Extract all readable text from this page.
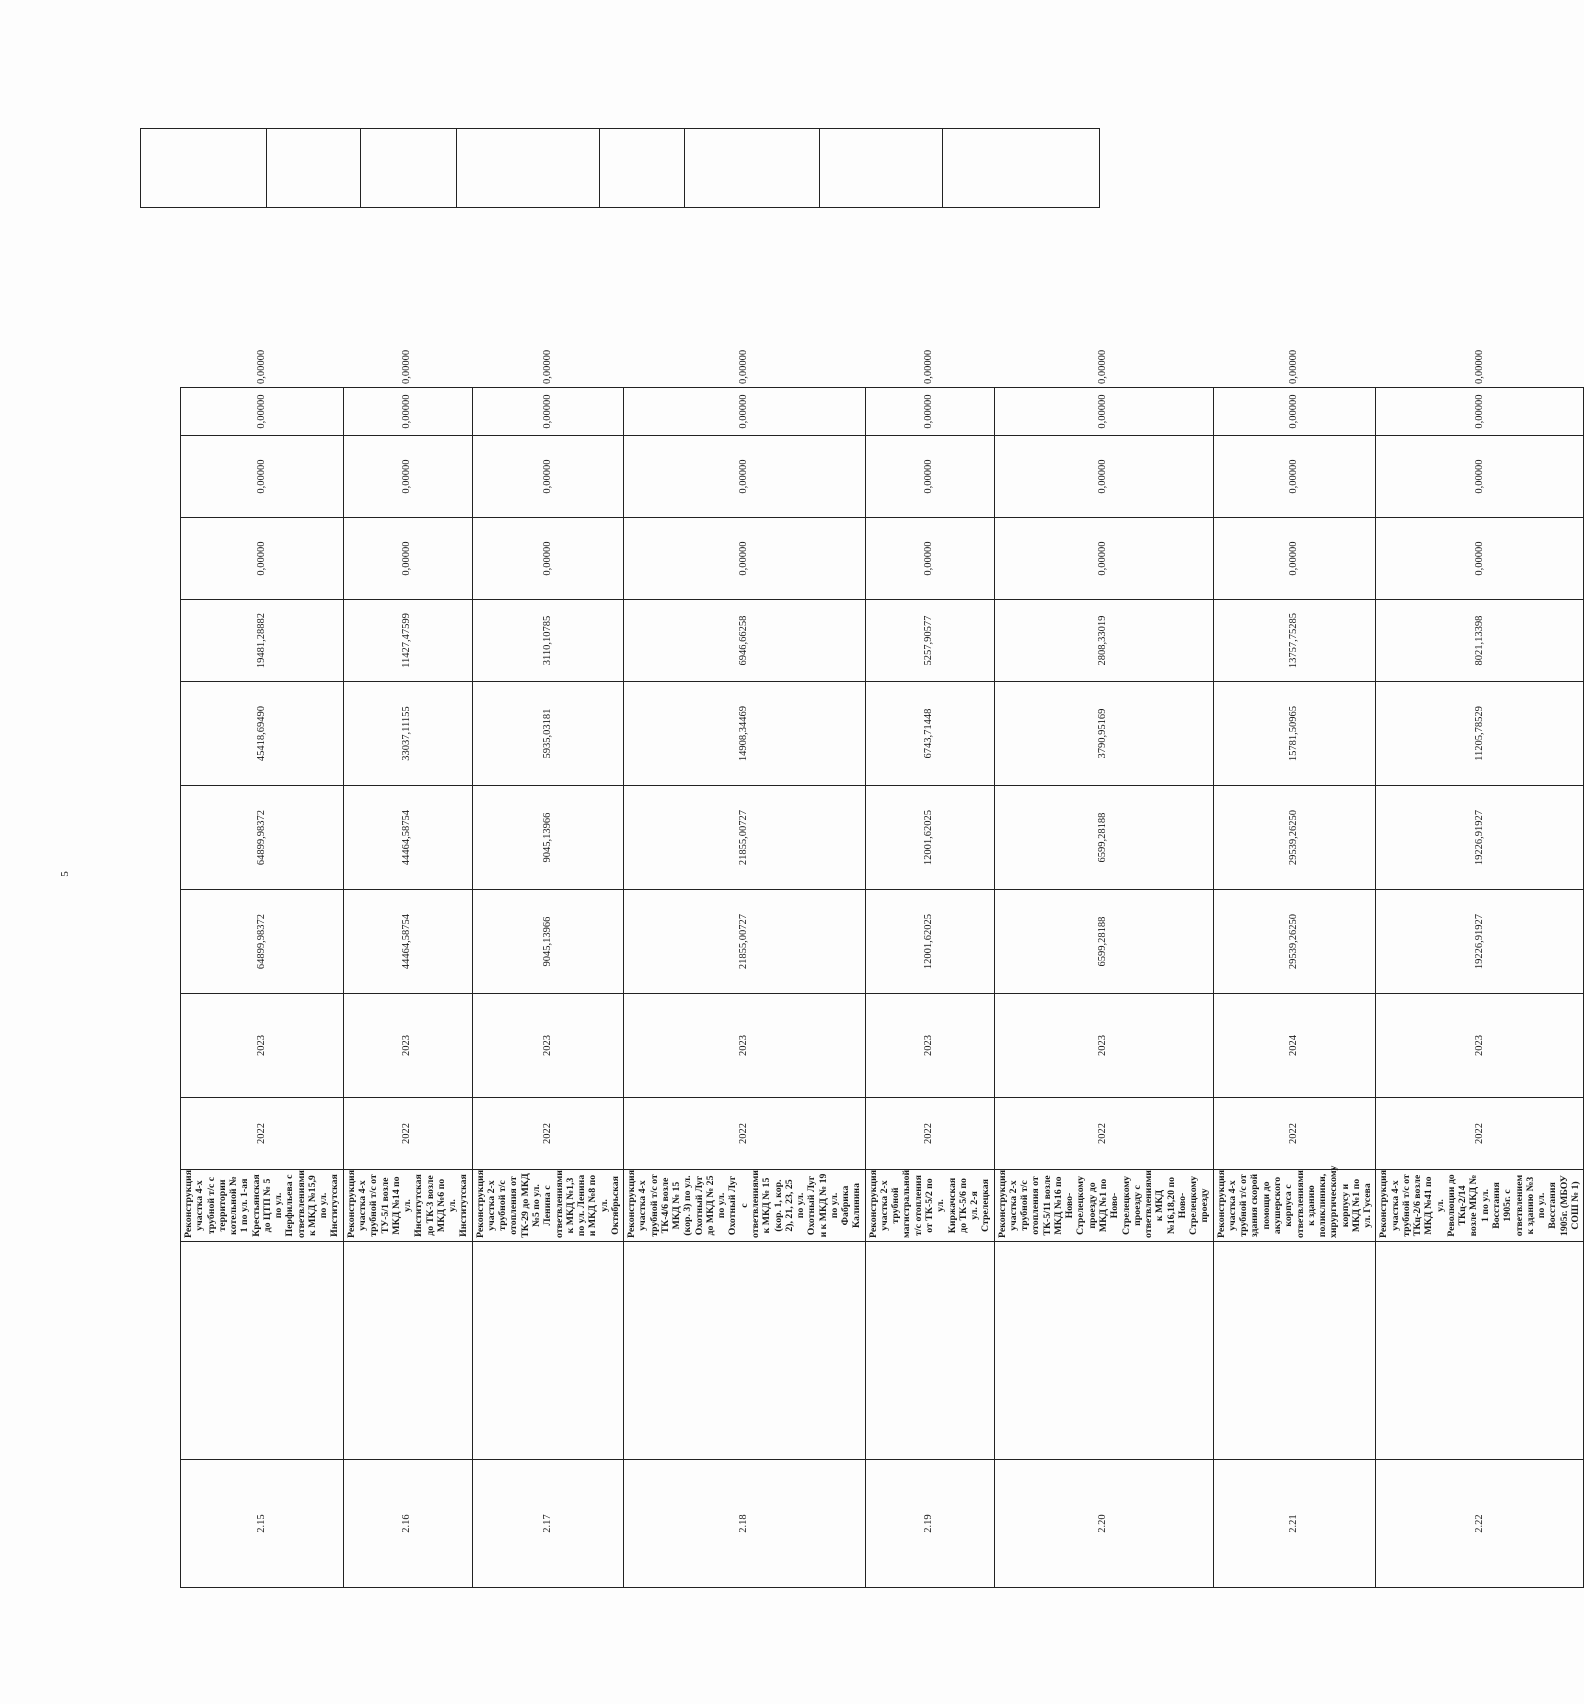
5
2.15		Реконструкция участка 4-х трубной т/с с территории котельной № 1 по ул. 1-ая Крестьянская до ЦТП № 5 по ул. Перфильева с ответвлениями к МКД №15,9 по ул. Институтская	2022	2023	64899,98372	64899,98372	45418,69490	19481,28882	0,00000	0,00000	0,00000	0,00000
2.16		Реконструкция участка 4-х трубной т/с от ТУ-5/1 возле МКД №14 по ул. Институтская до ТК-3 возле МКД №6 по ул. Институтская	2022	2023	44464,58754	44464,58754	33037,11155	11427,47599	0,00000	0,00000	0,00000	0,00000
2.17		Реконструкция участка 2-х трубной т/с отопления от ТК-29 до МКД №5 по ул. Ленина с ответвлениями к МКД №1,3 по ул. Ленина и МКД №8 по ул. Октябрьская	2022	2023	9045,13966	9045,13966	5935,03181	3110,10785	0,00000	0,00000	0,00000	0,00000
2.18		Реконструкция участка 4-х трубной т/с от ТК-4/6 возле МКД № 15 (кор. 3) по ул. Охотный Луг до МКД № 25 по ул. Охотный Луг с ответвлениями к МКД № 15 (кор. 1, кор. 2), 21, 23, 25 по ул. Охотный Луг и к МКД № 19 по ул. Фабрика Калинина	2022	2023	21855,00727	21855,00727	14908,34469	6946,66258	0,00000	0,00000	0,00000	0,00000
2.19		Реконструкция участка 2-х трубной магистральной т/с отопления от ТК-5/2 по ул. Киржачская до ТК-5/6 по ул. 2-я Стрелецкая	2022	2023	12001,62025	12001,62025	6743,71448	5257,90577	0,00000	0,00000	0,00000	0,00000
2.20		Реконструкция участка 2-х трубной т/с отопления от ТК-5/11 возле МКД №16 по Ново-Стрелецкому проезду до МКД №1 по Ново-Стрелецкому проезду с ответвлениями к МКД №16,18,20 по Ново-Стрелецкому проезду	2022	2023	6599,28188	6599,28188	3790,95169	2808,33019	0,00000	0,00000	0,00000	0,00000
2.21		Реконструкция участка 4-х трубной т/с от здания скорой помощи до акушерского корпуса с ответвлениями к зданию поликлиники, хирургическому корпусу и МКД №1 по ул. Гусева	2022	2024	29539,26250	29539,26250	15781,50965	13757,75285	0,00000	0,00000	0,00000	0,00000
2.22		Реконструкция участка 4-х трубной т/с от ТКц-2/6 возле МКД №41 по ул. Революции до ТКц-2/14 возле МКД № 1 по ул. Восстания 1905г. с ответвлением к зданию №3 по ул. Восстания 1905г. (МБОУ СОШ № 1)	2022	2023	19226,91927	19226,91927	11205,78529	8021,13398	0,00000	0,00000	0,00000	0,00000
